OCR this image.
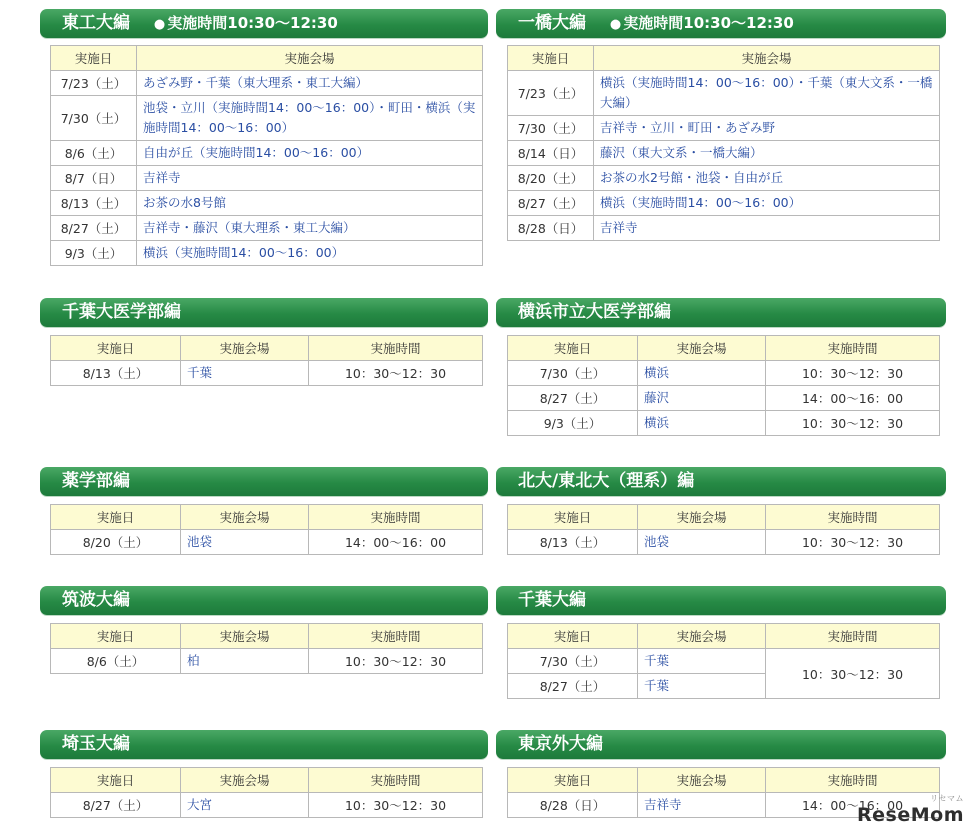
東工大編 ● 実施時間10:30〜12:30
実施日	実施会場
7/23（土）	あざみ野・千葉（東大理系・東工大編）
7/30（土）	池袋・立川（実施時間14：00〜16：00）・町田・横浜（実施時間14：00〜16：00）
8/6（土）	自由が丘（実施時間14：00〜16：00）
8/7（日）	吉祥寺
8/13（土）	お茶の水8号館
8/27（土）	吉祥寺・藤沢（東大理系・東工大編）
9/3（土）	横浜（実施時間14：00〜16：00）
一橋大編 ● 実施時間10:30〜12:30
実施日	実施会場
7/23（土）	横浜（実施時間14：00〜16：00）・千葉（東大文系・一橋大編）
7/30（土）	吉祥寺・立川・町田・あざみ野
8/14（日）	藤沢（東大文系・一橋大編）
8/20（土）	お茶の水2号館・池袋・自由が丘
8/27（土）	横浜（実施時間14：00〜16：00）
8/28（日）	吉祥寺
千葉大医学部編
実施日	実施会場	実施時間
8/13（土）	千葉	10：30〜12：30
横浜市立大医学部編
実施日	実施会場	実施時間
7/30（土）	横浜	10：30〜12：30
8/27（土）	藤沢	14：00〜16：00
9/3（土）	横浜	10：30〜12：30
薬学部編
実施日	実施会場	実施時間
8/20（土）	池袋	14：00〜16：00
北大/東北大（理系）編
実施日	実施会場	実施時間
8/13（土）	池袋	10：30〜12：30
筑波大編
実施日	実施会場	実施時間
8/6（土）	柏	10：30〜12：30
千葉大編
実施日	実施会場	実施時間
7/30（土）	千葉	10：30〜12：30
8/27（土）	千葉	
埼玉大編
実施日	実施会場	実施時間
8/27（土）	大宮	10：30〜12：30
東京外大編
実施日	実施会場	実施時間
8/28（日）	吉祥寺	14：00〜16：00	リセマム
ReseMom
